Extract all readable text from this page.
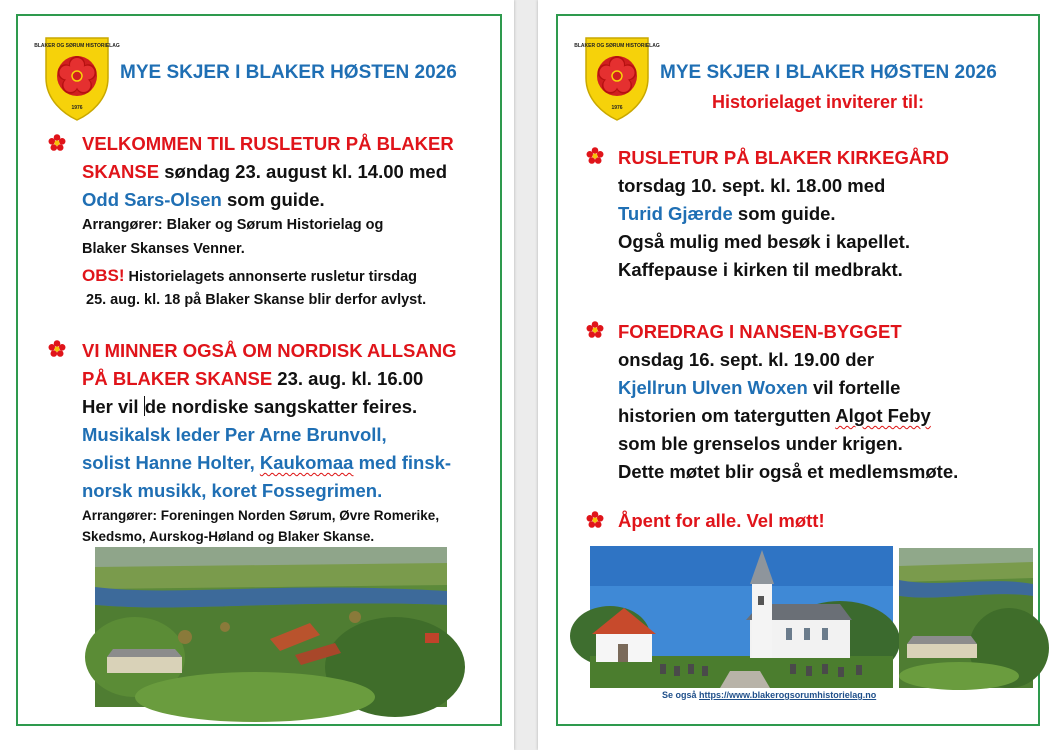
BLAKER OG SØRUM HISTORIELAG
1976
MYE SKJER I BLAKER HØSTEN 2026
VELKOMMEN TIL RUSLETUR PÅ BLAKER
SKANSE søndag 23. august kl. 14.00 med
Odd Sars-Olsen som guide.
Arrangører: Blaker og Sørum Historielag og
Blaker Skanses Venner.
OBS! Historielagets annonserte rusletur tirsdag
25. aug. kl. 18 på Blaker Skanse blir derfor avlyst.
VI MINNER OGSÅ OM NORDISK ALLSANG
PÅ BLAKER SKANSE 23. aug. kl. 16.00
Her vil de nordiske sangskatter feires.
Musikalsk leder Per Arne Brunvoll,
solist Hanne Holter, Kaukomaa med finsk-
norsk musikk, koret Fossegrimen.
Arrangører: Foreningen Norden Sørum, Øvre Romerike,
Skedsmo, Aurskog-Høland og Blaker Skanse.
BLAKER OG SØRUM HISTORIELAG
1976
MYE SKJER I BLAKER HØSTEN 2026
Historielaget inviterer til:
RUSLETUR PÅ BLAKER KIRKEGÅRD
torsdag 10. sept. kl. 18.00 med
Turid Gjærde som guide.
Også mulig med besøk i kapellet.
Kaffepause i kirken til medbrakt.
FOREDRAG I NANSEN-BYGGET
onsdag 16. sept. kl. 19.00 der
Kjellrun Ulven Woxen vil fortelle
historien om tatergutten Algot Feby
som ble grenselos under krigen.
Dette møtet blir også et medlemsmøte.
Åpent for alle. Vel møtt!
Se også https://www.blakerogsorumhistorielag.no
